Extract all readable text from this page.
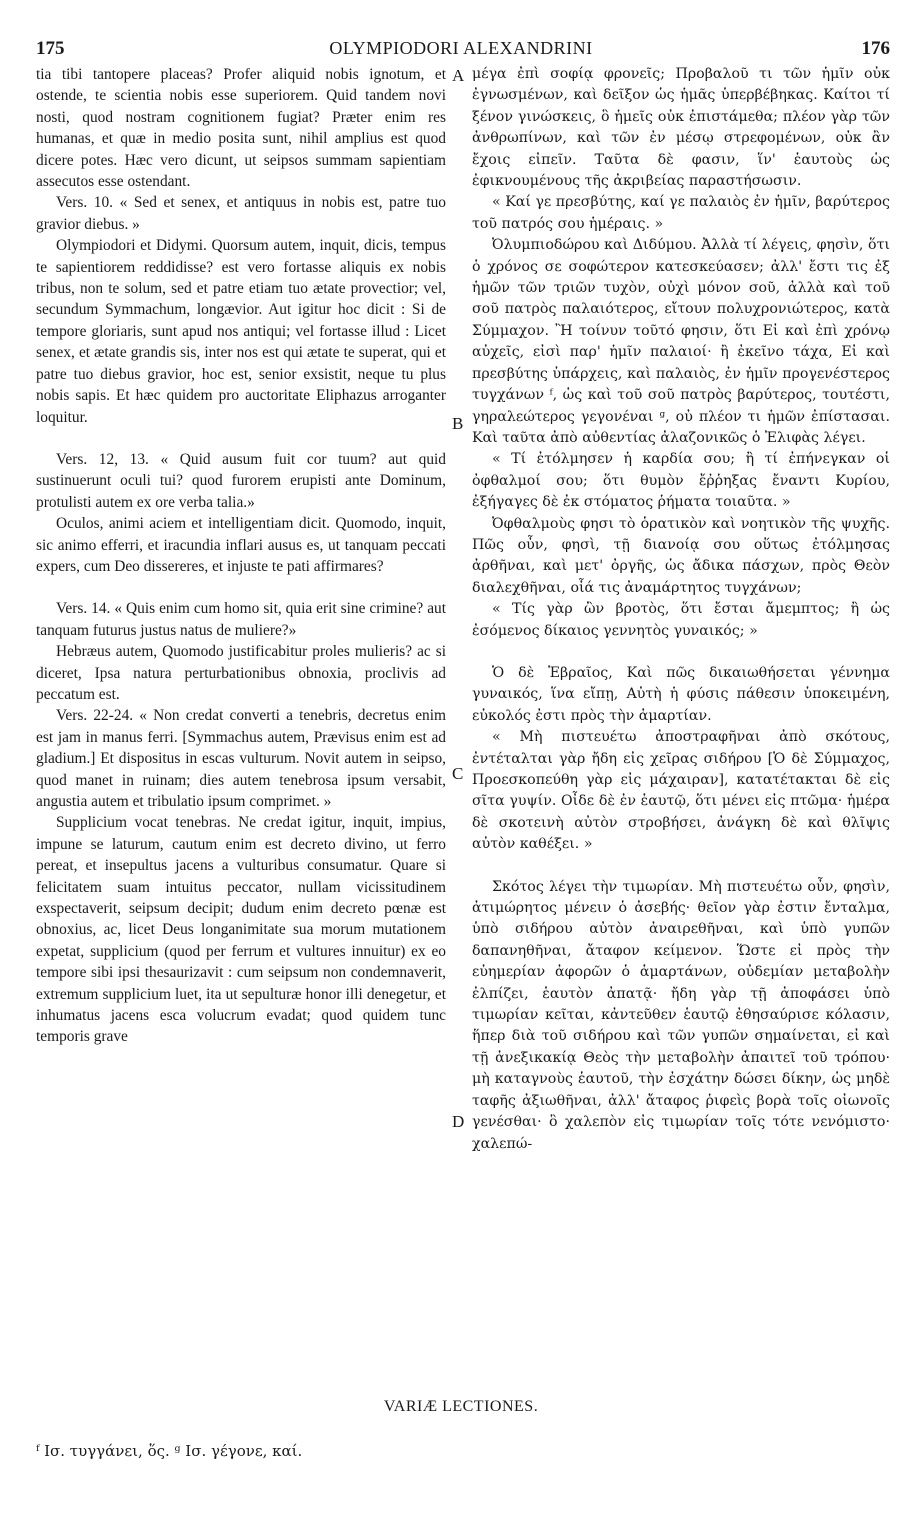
175	OLYMPIODORI ALEXANDRINI	176

tia tibi tantopere placeas? Profer aliquid nobis ignotum, et ostende, te scientia nobis esse superiorem. Quid tandem novi nosti, quod nostram cognitionem fugiat? Præter enim res humanas, et quæ in medio posita sunt, nihil amplius est quod dicere potes. Hæc vero dicunt, ut seipsos summam sapientiam assecutos esse ostendant.

Vers. 10. « Sed et senex, et antiquus in nobis est, patre tuo gravior diebus. »

Olympiodori et Didymi. Quorsum autem, inquit, dicis, tempus te sapientiorem reddidisse? est vero fortasse aliquis ex nobis tribus, non te solum, sed et patre etiam tuo ætate provectior; vel, secundum Symmachum, longævior. Aut igitur hoc dicit : Si de tempore gloriaris, sunt apud nos antiqui; vel fortasse illud : Licet senex, et ætate grandis sis, inter nos est qui ætate te superat, qui et patre tuo diebus gravior, hoc est, senior exsistit, neque tu plus nobis sapis. Et hæc quidem pro auctoritate Eliphazus arroganter loquitur.

Vers. 12, 13. « Quid ausum fuit cor tuum? aut quid sustinuerunt oculi tui? quod furorem erupisti ante Dominum, protulisti autem ex ore verba talia.»

Oculos, animi aciem et intelligentiam dicit. Quomodo, inquit, sic animo efferri, et iracundia inflari ausus es, ut tanquam peccati expers, cum Deo dissereres, et injuste te pati affirmares?

Vers. 14. « Quis enim cum homo sit, quia erit sine crimine? aut tanquam futurus justus natus de muliere?»

Hebræus autem, Quomodo justificabitur proles mulieris? ac si diceret, Ipsa natura perturbationibus obnoxia, proclivis ad peccatum est.

Vers. 22-24. « Non credat converti a tenebris, decretus enim est jam in manus ferri. [Symmachus autem, Prævisus enim est ad gladium.] Et dispositus in escas vulturum. Novit autem in seipso, quod manet in ruinam; dies autem tenebrosa ipsum versabit, angustia autem et tribulatio ipsum comprimet. »

Supplicium vocat tenebras. Ne credat igitur, inquit, impius, impune se laturum, cautum enim est decreto divino, ut ferro pereat, et insepultus jacens a vulturibus consumatur. Quare si felicitatem suam intuitus peccator, nullam vicissitudinem exspectaverit, seipsum decipit; dudum enim decreto pœnæ est obnoxius, ac, licet Deus longanimitate sua morum mutationem expetat, supplicium (quod per ferrum et vultures innuitur) ex eo tempore sibi ipsi thesaurizavit : cum seipsum non condemnaverit, extremum supplicium luet, ita ut sepulturæ honor illi denegetur, et inhumatus jacens esca volucrum evadat; quod quidem tunc temporis grave

A
B
C
D

μέγα ἐπὶ σοφίᾳ φρονεῖς; Προβαλοῦ τι τῶν ἡμῖν οὐκ ἐγνωσμένων, καὶ δεῖξον ὡς ἡμᾶς ὑπερβέβηκας. Καίτοι τί ξένον γινώσκεις, ὃ ἡμεῖς οὐκ ἐπιστάμεθα; πλέον γὰρ τῶν ἀνθρωπίνων, καὶ τῶν ἐν μέσῳ στρεφομένων, οὐκ ἂν ἔχοις εἰπεῖν. Ταῦτα δὲ φασιν, ἵν' ἑαυτοὺς ὡς ἐφικνουμένους τῆς ἀκριβείας παραστήσωσιν.

« Καί γε πρεσβύτης, καί γε παλαιὸς ἐν ἡμῖν, βαρύτερος τοῦ πατρός σου ἡμέραις. »

Ὀλυμπιοδώρου καὶ Διδύμου. Ἀλλὰ τί λέγεις, φησὶν, ὅτι ὁ χρόνος σε σοφώτερον κατεσκεύασεν; ἀλλ' ἔστι τις ἐξ ἡμῶν τῶν τριῶν τυχὸν, οὐχὶ μόνον σοῦ, ἀλλὰ καὶ τοῦ σοῦ πατρὸς παλαιότερος, εἴτουν πολυχρονιώτερος, κατὰ Σύμμαχον. Ἢ τοίνυν τοῦτό φησιν, ὅτι Εἰ καὶ ἐπὶ χρόνῳ αὐχεῖς, εἰσὶ παρ' ἡμῖν παλαιοί· ἢ ἐκεῖνο τάχα, Εἰ καὶ πρεσβύτης ὑπάρχεις, καὶ παλαιὸς, ἐν ἡμῖν προγενέστερος τυγχάνων ᶠ, ὡς καὶ τοῦ σοῦ πατρὸς βαρύτερος, τουτέστι, γηραλεώτερος γεγονέναι ᵍ, οὐ πλέον τι ἡμῶν ἐπίστασαι. Καὶ ταῦτα ἀπὸ αὐθεντίας ἀλαζονικῶς ὁ Ἐλιφὰς λέγει.

« Τί ἐτόλμησεν ἡ καρδία σου; ἢ τί ἐπήνεγκαν οἱ ὀφθαλμοί σου; ὅτι θυμὸν ἔῤῥηξας ἔναντι Κυρίου, ἐξήγαγες δὲ ἐκ στόματος ῥήματα τοιαῦτα. »

Ὀφθαλμοὺς φησι τὸ ὁρατικὸν καὶ νοητικὸν τῆς ψυχῆς. Πῶς οὖν, φησὶ, τῇ διανοίᾳ σου οὕτως ἐτόλμησας ἀρθῆναι, καὶ μετ' ὀργῆς, ὡς ἄδικα πάσχων, πρὸς Θεὸν διαλεχθῆναι, οἷά τις ἀναμάρτητος τυγχάνων;

« Τίς γὰρ ὢν βροτὸς, ὅτι ἔσται ἄμεμπτος; ἢ ὡς ἐσόμενος δίκαιος γεννητὸς γυναικός; »

Ὁ δὲ Ἑβραῖος, Καὶ πῶς δικαιωθήσεται γέννημα γυναικός, ἵνα εἴπῃ, Αὐτὴ ἡ φύσις πάθεσιν ὑποκειμένη, εὐκολός ἐστι πρὸς τὴν ἁμαρτίαν.

« Μὴ πιστευέτω ἀποστραφῆναι ἀπὸ σκότους, ἐντέταλται γὰρ ἤδη εἰς χεῖρας σιδήρου [Ὁ δὲ Σύμμαχος, Προεσκοπεύθη γὰρ εἰς μάχαιραν], κατατέτακται δὲ εἰς σῖτα γυψίν. Οἶδε δὲ ἐν ἑαυτῷ, ὅτι μένει εἰς πτῶμα· ἡμέρα δὲ σκοτεινὴ αὐτὸν στροβήσει, ἀνάγκη δὲ καὶ θλῖψις αὐτὸν καθέξει. »

Σκότος λέγει τὴν τιμωρίαν. Μὴ πιστευέτω οὖν, φησὶν, ἀτιμώρητος μένειν ὁ ἀσεβής· θεῖον γὰρ ἐστιν ἔνταλμα, ὑπὸ σιδήρου αὐτὸν ἀναιρεθῆναι, καὶ ὑπὸ γυπῶν δαπανηθῆναι, ἄταφον κείμενον. Ὥστε εἰ πρὸς τὴν εὐημερίαν ἀφορῶν ὁ ἁμαρτάνων, οὐδεμίαν μεταβολὴν ἐλπίζει, ἑαυτὸν ἀπατᾷ· ἤδη γὰρ τῇ ἀποφάσει ὑπὸ τιμωρίαν κεῖται, κἀντεῦθεν ἑαυτῷ ἐθησαύρισε κόλασιν, ἥπερ διὰ τοῦ σιδήρου καὶ τῶν γυπῶν σημαίνεται, εἰ καὶ τῇ ἀνεξικακίᾳ Θεὸς τὴν μεταβολὴν ἀπαιτεῖ τοῦ τρόπου· μὴ καταγνοὺς ἑαυτοῦ, τὴν ἐσχάτην δώσει δίκην, ὡς μηδὲ ταφῆς ἀξιωθῆναι, ἀλλ' ἄταφος ῥιφεὶς βορὰ τοῖς οἰωνοῖς γενέσθαι· ὃ χαλεπὸν εἰς τιμωρίαν τοῖς τότε νενόμιστο· χαλεπώ-

VARIÆ LECTIONES.
ᶠ Ισ. τυγγάνει, ὅς. ᵍ Ισ. γέγονε, καί.
